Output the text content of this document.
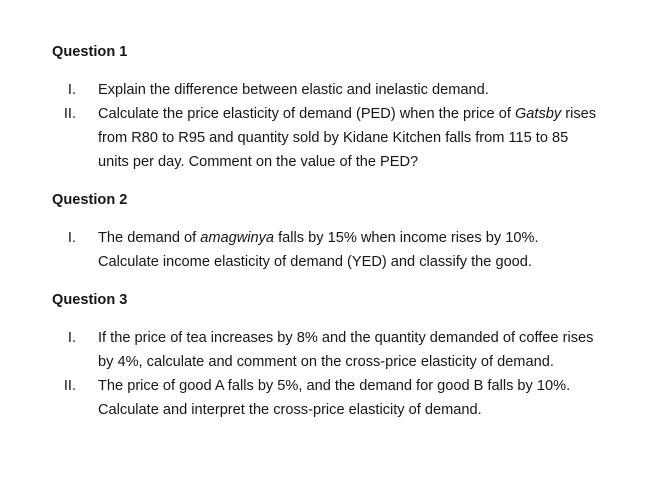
Question 1
I. Explain the difference between elastic and inelastic demand.
II. Calculate the price elasticity of demand (PED) when the price of Gatsby rises
from R80 to R95 and quantity sold by Kidane Kitchen falls from 115 to 85
units per day. Comment on the value of the PED?
Question 2
I. The demand of amagwinya falls by 15% when income rises by 10%.
Calculate income elasticity of demand (YED) and classify the good.
Question 3
I. If the price of tea increases by 8% and the quantity demanded of coffee rises
by 4%, calculate and comment on the cross-price elasticity of demand.
II. The price of good A falls by 5%, and the demand for good B falls by 10%.
Calculate and interpret the cross-price elasticity of demand.
